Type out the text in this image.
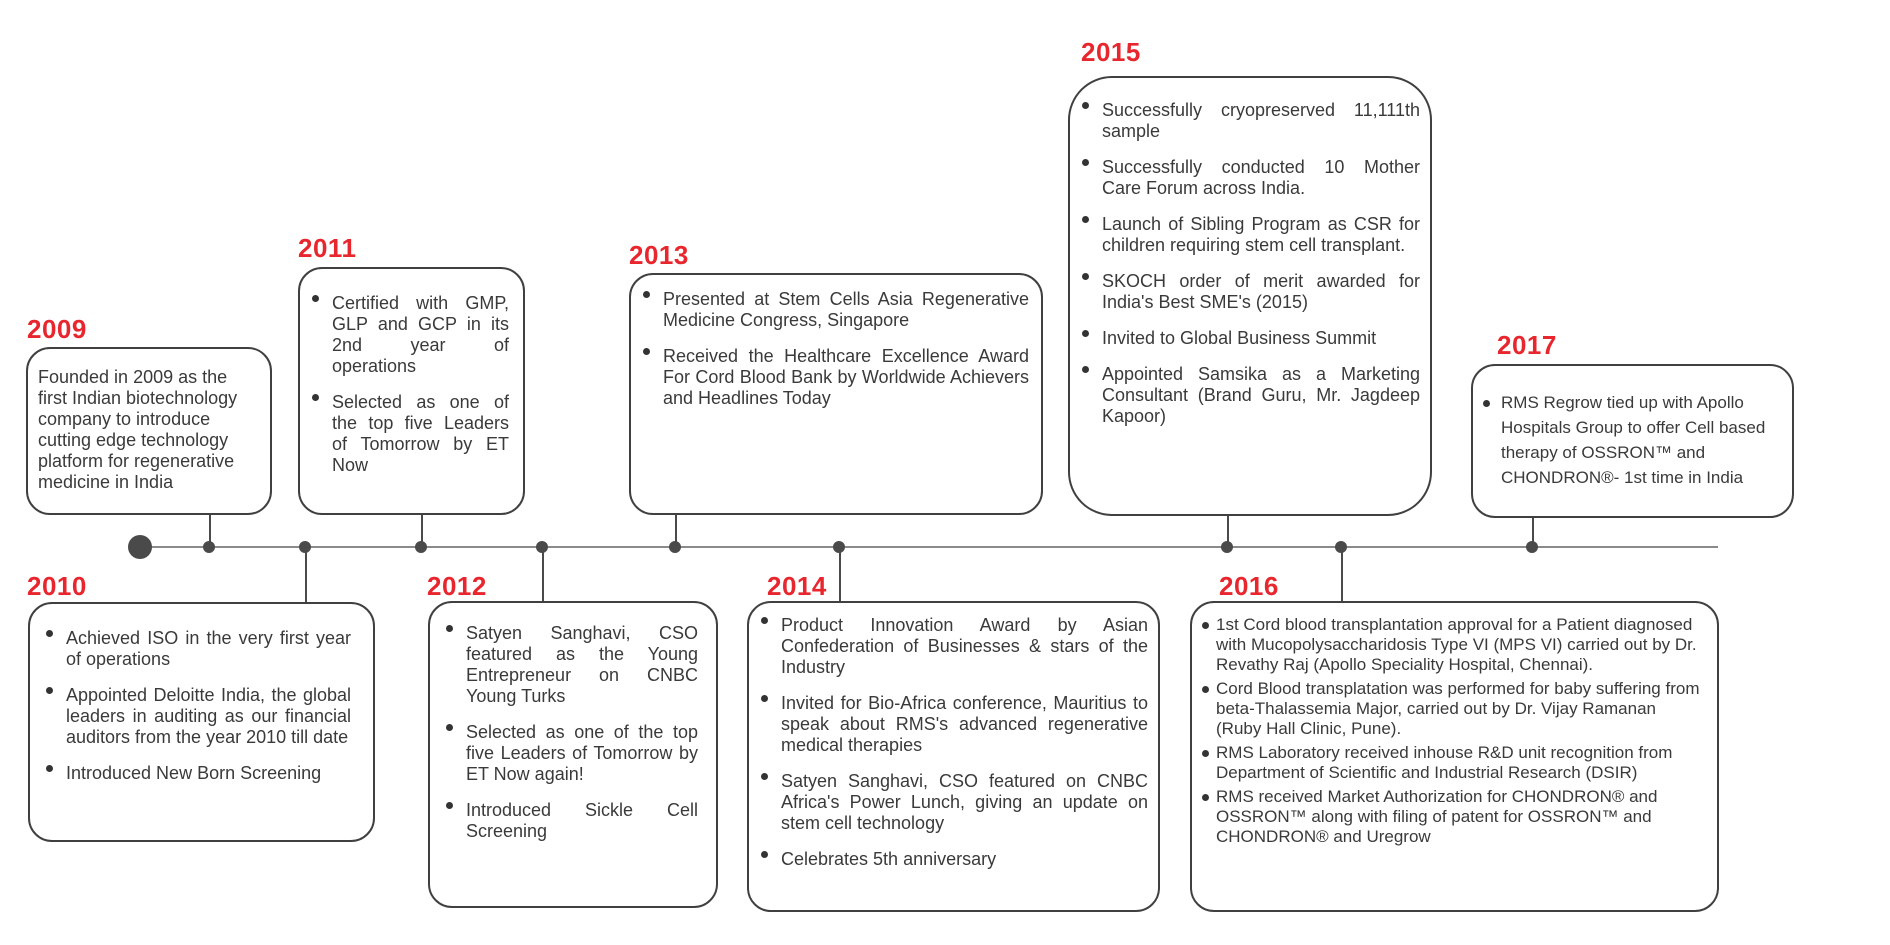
2009

Founded in 2009 as the first Indian biotechnology company to introduce cutting edge technology platform for regenerative medicine in India

2010
Achieved ISO in the very first year of operations
Appointed Deloitte India, the global leaders in auditing as our financial auditors from the year 2010 till date
Introduced New Born Screening
2011
Certified with GMP, GLP and GCP in its 2nd year of operations
Selected as one of the top five Leaders of Tomorrow by ET Now
2012
Satyen Sanghavi, CSO featured as the Young Entrepreneur on CNBC Young Turks
Selected as one of the top five Leaders of Tomorrow by ET Now again!
Introduced Sickle Cell Screening
2013
Presented at Stem Cells Asia Regenerative Medicine Congress, Singapore
Received the Healthcare Excellence Award For Cord Blood Bank by Worldwide Achievers and Headlines Today
2014
Product Innovation Award by Asian Confederation of Businesses & stars of the Industry
Invited for Bio-Africa conference, Mauritius to speak about RMS's advanced regenerative medical therapies
Satyen Sanghavi, CSO featured on CNBC Africa's Power Lunch, giving an update on stem cell technology
Celebrates 5th anniversary
2015
Successfully cryopreserved 11,111th sample
Successfully conducted 10 Mother Care Forum across India.
Launch of Sibling Program as CSR for children requiring stem cell transplant.
SKOCH order of merit awarded for India's Best SME's (2015)
Invited to Global Business Summit
Appointed Samsika as a Marketing Consultant (Brand Guru, Mr. Jagdeep Kapoor)
2016
1st Cord blood transplantation approval for a Patient diagnosed with Mucopolysaccharidosis Type VI (MPS VI) carried out by Dr. Revathy Raj (Apollo Speciality Hospital, Chennai).
Cord Blood transplatation was performed for baby suffering from beta-Thalassemia Major, carried out by Dr. Vijay Ramanan (Ruby Hall Clinic, Pune).
RMS Laboratory received inhouse R&D unit recognition from Department of Scientific and Industrial Research (DSIR)
RMS received Market Authorization for CHONDRON® and OSSRON™ along with filing of patent for OSSRON™ and CHONDRON® and Uregrow
2017
RMS Regrow tied up with Apollo Hospitals Group to offer Cell based therapy of OSSRON™ and CHONDRON®- 1st time in India
